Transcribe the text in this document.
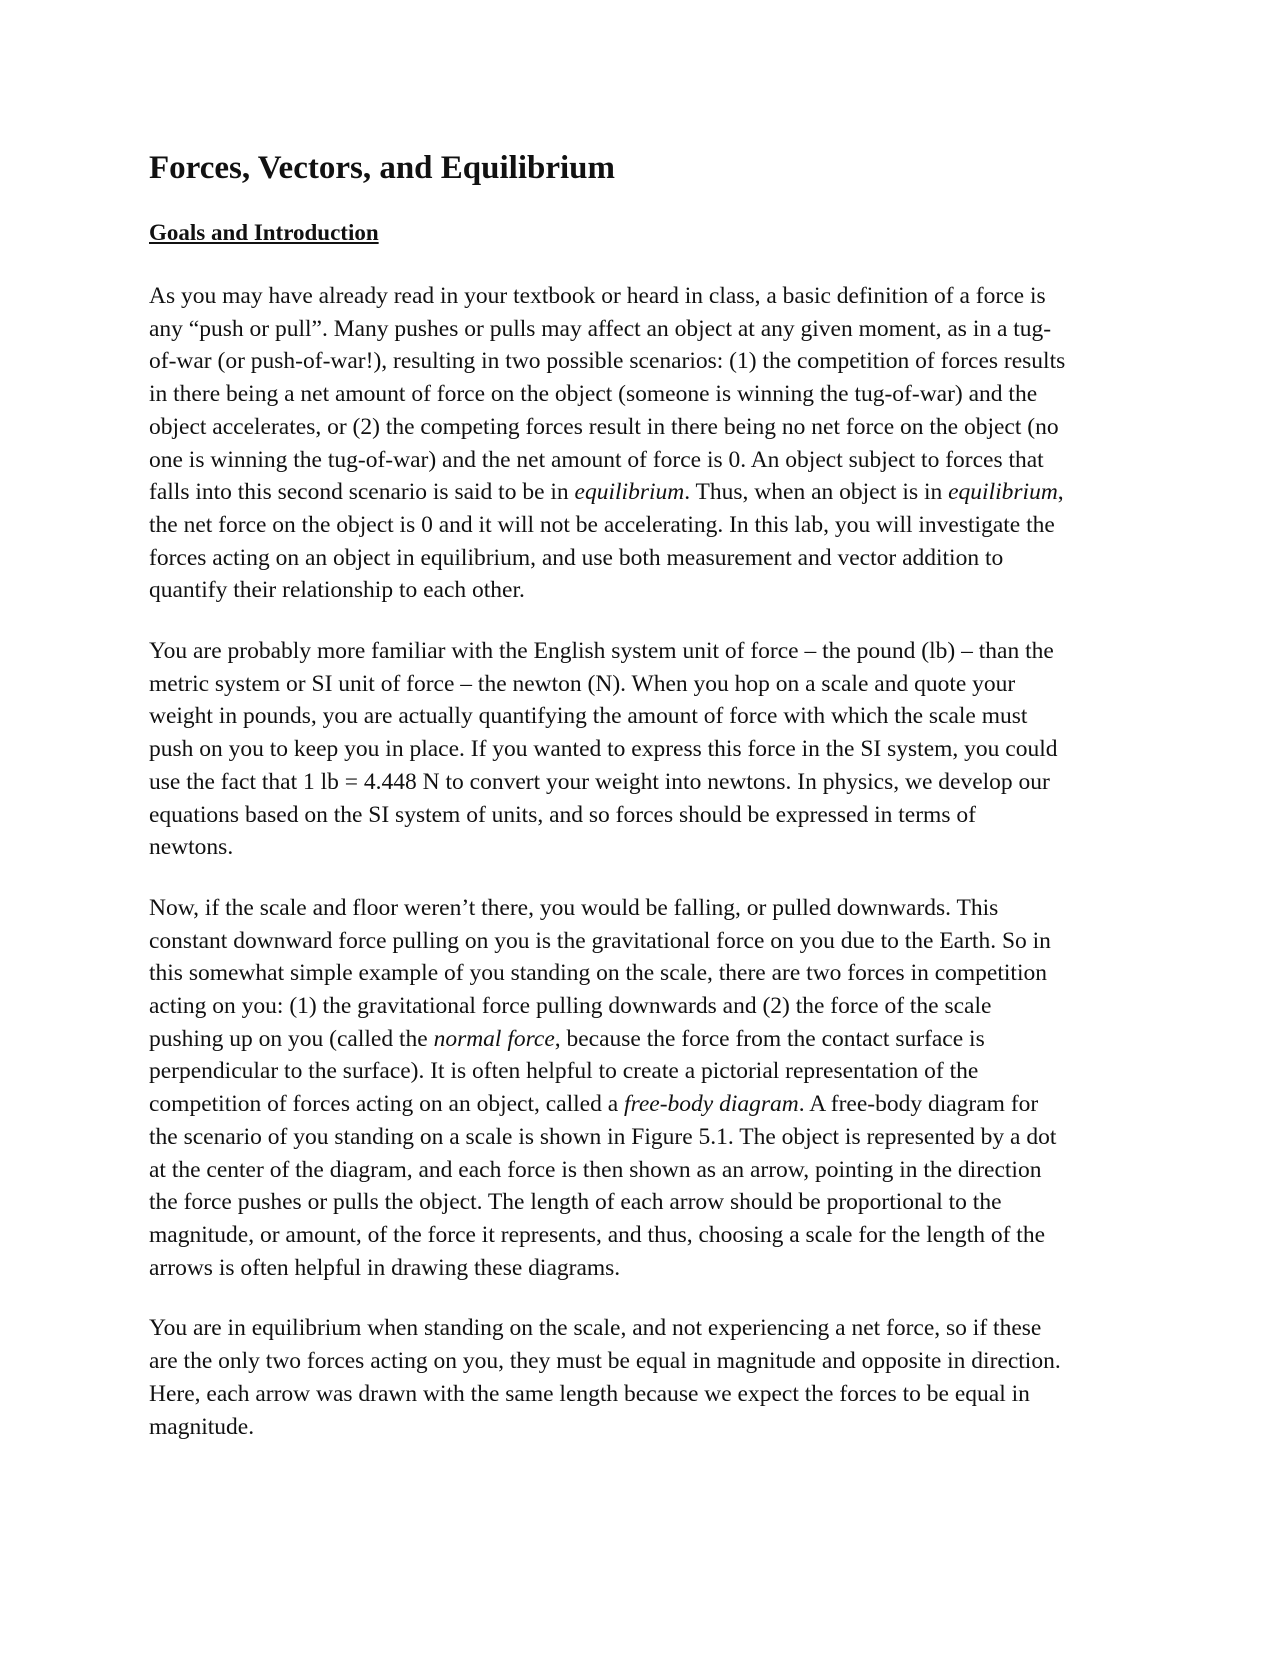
Forces, Vectors, and Equilibrium
Goals and Introduction

As you may have already read in your textbook or heard in class, a basic definition of a force is
any “push or pull”. Many pushes or pulls may affect an object at any given moment, as in a tug-
of-war (or push-of-war!), resulting in two possible scenarios: (1) the competition of forces results
in there being a net amount of force on the object (someone is winning the tug-of-war) and the
object accelerates, or (2) the competing forces result in there being no net force on the object (no
one is winning the tug-of-war) and the net amount of force is 0. An object subject to forces that
falls into this second scenario is said to be in equilibrium. Thus, when an object is in equilibrium,
the net force on the object is 0 and it will not be accelerating. In this lab, you will investigate the
forces acting on an object in equilibrium, and use both measurement and vector addition to
quantify their relationship to each other.

You are probably more familiar with the English system unit of force – the pound (lb) – than the
metric system or SI unit of force – the newton (N). When you hop on a scale and quote your
weight in pounds, you are actually quantifying the amount of force with which the scale must
push on you to keep you in place. If you wanted to express this force in the SI system, you could
use the fact that 1 lb = 4.448 N to convert your weight into newtons. In physics, we develop our
equations based on the SI system of units, and so forces should be expressed in terms of
newtons.

Now, if the scale and floor weren’t there, you would be falling, or pulled downwards. This
constant downward force pulling on you is the gravitational force on you due to the Earth. So in
this somewhat simple example of you standing on the scale, there are two forces in competition
acting on you: (1) the gravitational force pulling downwards and (2) the force of the scale
pushing up on you (called the normal force, because the force from the contact surface is
perpendicular to the surface). It is often helpful to create a pictorial representation of the
competition of forces acting on an object, called a free-body diagram. A free-body diagram for
the scenario of you standing on a scale is shown in Figure 5.1. The object is represented by a dot
at the center of the diagram, and each force is then shown as an arrow, pointing in the direction
the force pushes or pulls the object. The length of each arrow should be proportional to the
magnitude, or amount, of the force it represents, and thus, choosing a scale for the length of the
arrows is often helpful in drawing these diagrams.

You are in equilibrium when standing on the scale, and not experiencing a net force, so if these
are the only two forces acting on you, they must be equal in magnitude and opposite in direction.
Here, each arrow was drawn with the same length because we expect the forces to be equal in
magnitude.
